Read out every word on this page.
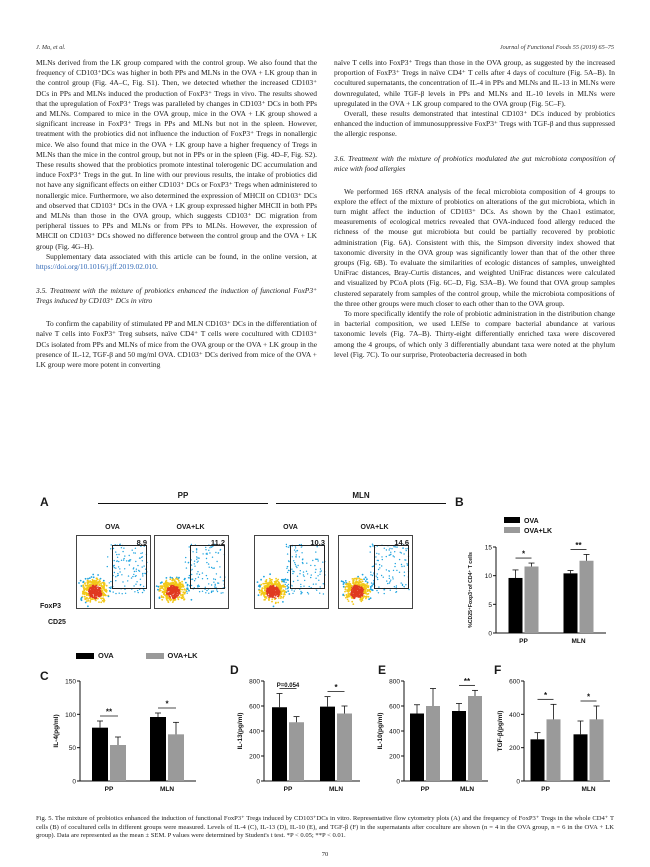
J. Ma, et al.	Journal of Functional Foods 55 (2019) 65–75

MLNs derived from the LK group compared with the control group. We also found that the frequency of CD103⁺DCs was higher in both PPs and MLNs in the OVA + LK group than in the control group (Fig. 4A–C, Fig. S1). Then, we detected whether the increased CD103⁺ DCs in PPs and MLNs induced the production of FoxP3⁺ Tregs in vivo. The results showed that the upregulation of FoxP3⁺ Tregs was paralleled by changes in CD103⁺ DCs in both PPs and MLNs. Compared to mice in the OVA group, mice in the OVA + LK group showed a significant increase in FoxP3⁺ Tregs in PPs and MLNs but not in the spleen. However, treatment with the probiotics did not influence the induction of FoxP3⁺ Tregs in nonallergic mice. We also found that mice in the OVA + LK group have a higher frequency of Tregs in MLNs than the mice in the control group, but not in PPs or in the spleen (Fig. 4D–F, Fig. S2). These results showed that the probiotics promote intestinal tolerogenic DC accumulation and induce FoxP3⁺ Tregs in the gut. In line with our previous results, the intake of probiotics did not have any significant effects on either CD103⁺ DCs or FoxP3⁺ Tregs when administered to nonallergic mice. Furthermore, we also determined the expression of MHCII on CD103⁺ DCs and observed that CD103⁺ DCs in the OVA + LK group expressed higher MHCII in both PPs and MLNs than those in the OVA group, which suggests CD103⁺ DC migration from peripheral tissues to PPs and MLNs or from PPs to MLNs. However, the expression of MHCII on CD103⁺ DCs showed no difference between the control group and the OVA + LK group (Fig. 4G–H).

Supplementary data associated with this article can be found, in the online version, at https://doi.org/10.1016/j.jff.2019.02.010.

3.5. Treatment with the mixture of probiotics enhanced the induction of functional FoxP3⁺ Tregs induced by CD103⁺ DCs in vitro

To confirm the capability of stimulated PP and MLN CD103⁺ DCs in the differentiation of naïve T cells into FoxP3⁺ Treg subsets, naïve CD4⁺ T cells were cocultured with CD103⁺ DCs isolated from PPs and MLNs of mice from the OVA group or the OVA + LK group in the presence of IL-12, TGF-β and 50 mg/ml OVA. CD103⁺ DCs derived from mice of the OVA + LK group were more potent in converting

naïve T cells into FoxP3⁺ Tregs than those in the OVA group, as suggested by the increased proportion of FoxP3⁺ Tregs in naïve CD4⁺ T cells after 4 days of coculture (Fig. 5A–B). In cocultured supernatants, the concentration of IL-4 in PPs and MLNs and IL-13 in MLNs were downregulated, while TGF-β levels in PPs and MLNs and IL-10 levels in MLNs were upregulated in the OVA + LK group compared to the OVA group (Fig. 5C–F).

Overall, these results demonstrated that intestinal CD103⁺ DCs induced by probiotics enhanced the induction of immunosuppressive FoxP3⁺ Tregs with TGF-β and thus suppressed the allergic response.

3.6. Treatment with the mixture of probiotics modulated the gut microbiota composition of mice with food allergies

We performed 16S rRNA analysis of the fecal microbiota composition of 4 groups to explore the effect of the mixture of probiotics on alterations of the gut microbiota, which in turn might affect the induction of CD103⁺ DCs. As shown by the Chao1 estimator, measurements of ecological metrics revealed that OVA-induced food allergy reduced the richness of the mouse gut microbiota but could be partially recovered by probiotic administration (Fig. 6A). Consistent with this, the Simpson diversity index showed that taxonomic diversity in the OVA group was significantly lower than that of the other three groups (Fig. 6B). To evaluate the similarities of ecologic distances of samples, unweighted UniFrac distances, Bray-Curtis distances, and weighted UniFrac distances were calculated and visualized by PCoA plots (Fig. 6C–D, Fig. S3A–B). We found that OVA group samples clustered separately from samples of the control group, while the microbiota compositions of the three other groups were much closer to each other than to the OVA group.

To more specifically identify the role of probiotic administration in the distribution change in bacterial composition, we used LEfSe to compare bacterial abundance at various taxonomic levels (Fig. 7A–B). Thirty-eight differentially enriched taxa were discovered among the 4 groups, of which only 3 differentially abundant taxa were noted at the phylum level (Fig. 7C). To our surprise, Proteobacteria decreased in both

A	B
PP	MLN
OVA	OVA+LK	OVA	OVA+LK
8.9	11.2	10.3	14.6
FoxP3
CD25
0
5
10
15
%CD25⁺Foxp3⁺of CD4⁺ T cells	*
PP
**
MLN
OVA
OVA+LK
OVA	OVA+LK
C	D	E	F
0
50
100
150
IL-4(pg/ml)
**
PP
*
MLN
0
200
400
600
800
IL-13(pg/ml)
P=0.054
PP
*
MLN
0
200
400
600
800
IL-10(pg/ml)
PP
**
MLN
0
200
400
600
TGF-β(pg/ml)
*
PP
*
MLN
Fig. 5. The mixture of probiotics enhanced the induction of functional FoxP3⁺ Tregs induced by CD103⁺DCs in vitro. Representative flow cytometry plots (A) and the frequency of FoxP3⁺ Tregs in the whole CD4⁺ T cells (B) of cocultured cells in different groups were measured. Levels of IL-4 (C), IL-13 (D), IL-10 (E), and TGF-β (F) in the supernatants after coculture are shown (n = 4 in the OVA group, n = 6 in the OVA + LK group). Data are represented as the mean ± SEM. P values were determined by Student's t test. *P < 0.05; **P < 0.01.
70
